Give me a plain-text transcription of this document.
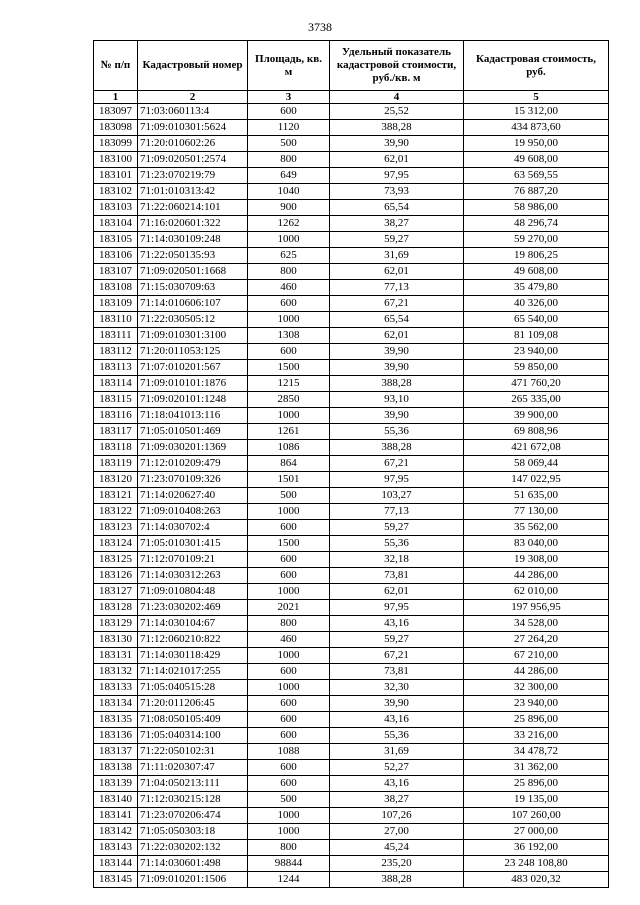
3738
№ п/п	Кадастровый номер	Площадь, кв. м	Удельный показатель кадастровой стоимости, руб./кв. м	Кадастровая стоимость, руб.
1	2	3	4	5
183097	71:03:060113:4	600	25,52	15 312,00
183098	71:09:010301:5624	1120	388,28	434 873,60
183099	71:20:010602:26	500	39,90	19 950,00
183100	71:09:020501:2574	800	62,01	49 608,00
183101	71:23:070219:79	649	97,95	63 569,55
183102	71:01:010313:42	1040	73,93	76 887,20
183103	71:22:060214:101	900	65,54	58 986,00
183104	71:16:020601:322	1262	38,27	48 296,74
183105	71:14:030109:248	1000	59,27	59 270,00
183106	71:22:050135:93	625	31,69	19 806,25
183107	71:09:020501:1668	800	62,01	49 608,00
183108	71:15:030709:63	460	77,13	35 479,80
183109	71:14:010606:107	600	67,21	40 326,00
183110	71:22:030505:12	1000	65,54	65 540,00
183111	71:09:010301:3100	1308	62,01	81 109,08
183112	71:20:011053:125	600	39,90	23 940,00
183113	71:07:010201:567	1500	39,90	59 850,00
183114	71:09:010101:1876	1215	388,28	471 760,20
183115	71:09:020101:1248	2850	93,10	265 335,00
183116	71:18:041013:116	1000	39,90	39 900,00
183117	71:05:010501:469	1261	55,36	69 808,96
183118	71:09:030201:1369	1086	388,28	421 672,08
183119	71:12:010209:479	864	67,21	58 069,44
183120	71:23:070109:326	1501	97,95	147 022,95
183121	71:14:020627:40	500	103,27	51 635,00
183122	71:09:010408:263	1000	77,13	77 130,00
183123	71:14:030702:4	600	59,27	35 562,00
183124	71:05:010301:415	1500	55,36	83 040,00
183125	71:12:070109:21	600	32,18	19 308,00
183126	71:14:030312:263	600	73,81	44 286,00
183127	71:09:010804:48	1000	62,01	62 010,00
183128	71:23:030202:469	2021	97,95	197 956,95
183129	71:14:030104:67	800	43,16	34 528,00
183130	71:12:060210:822	460	59,27	27 264,20
183131	71:14:030118:429	1000	67,21	67 210,00
183132	71:14:021017:255	600	73,81	44 286,00
183133	71:05:040515:28	1000	32,30	32 300,00
183134	71:20:011206:45	600	39,90	23 940,00
183135	71:08:050105:409	600	43,16	25 896,00
183136	71:05:040314:100	600	55,36	33 216,00
183137	71:22:050102:31	1088	31,69	34 478,72
183138	71:11:020307:47	600	52,27	31 362,00
183139	71:04:050213:111	600	43,16	25 896,00
183140	71:12:030215:128	500	38,27	19 135,00
183141	71:23:070206:474	1000	107,26	107 260,00
183142	71:05:050303:18	1000	27,00	27 000,00
183143	71:22:030202:132	800	45,24	36 192,00
183144	71:14:030601:498	98844	235,20	23 248 108,80
183145	71:09:010201:1506	1244	388,28	483 020,32
